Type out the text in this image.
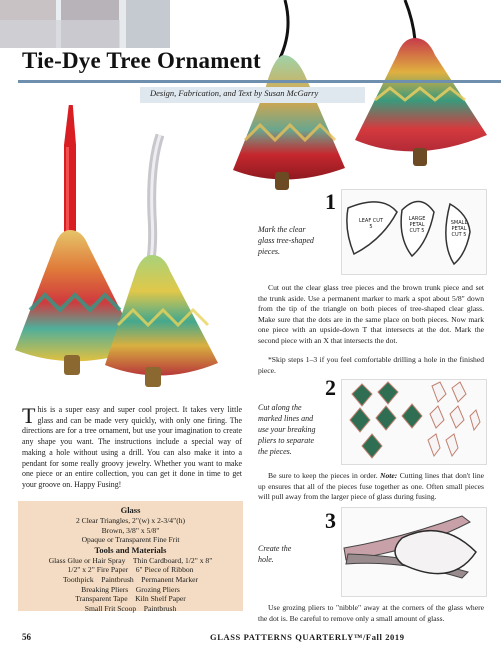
Tie-Dye Tree Ornament
Design, Fabrication, and Text by Susan McGarry
1
Mark the clear glass tree-shaped pieces.
LEAF CUT 5
LARGE PETAL CUT 5
SMALL PETAL CUT 5
Cut out the clear glass tree pieces and the brown trunk piece and set the trunk aside. Use a permanent marker to mark a spot about 5/8" down from the tip of the triangle on both pieces of tree-shaped clear glass. Make sure that the dots are in the same place on both pieces. Now mark one piece with an upside-down T that intersects at the dot. Mark the second piece with an X that intersects the dot.
*Skip steps 1–3 if you feel comfortable drilling a hole in the finished piece.
2
Cut along the marked lines and use your breaking pliers to separate the pieces.
Be sure to keep the pieces in order. Note: Cutting lines that don't line up ensures that all of the pieces fuse together as one. Often small pieces will pull away from the larger piece of glass during fusing.
3
Create the hole.
Use grozing pliers to "nibble" away at the corners of the glass where the dot is. Be careful to remove only a small amount of glass.
This is a super easy and super cool project. It takes very little glass and can be made very quickly, with only one firing. The directions are for a tree ornament, but use your imagination to create any shape you want. The instructions include a special way of making a hole without using a drill. You can also make it into a pendant for some really groovy jewelry. Whether you want to make one piece or an entire collection, you can get it done in time to get your groove on. Happy Fusing!
Glass
2 Clear Triangles, 2"(w) x 2-3/4"(h)
Brown, 3/8" x 5/8"
Opaque or Transparent Fine Frit
Tools and Materials
Glass Glue or Hair Spray    Thin Cardboard, 1/2" x 8"
1/2" x 2" Fire Paper    6" Piece of Ribbon
Toothpick    Paintbrush    Permanent Marker
Breaking Pliers    Grozing Pliers
Transparent Tape    Kiln Shelf Paper
Small Frit Scoop    Paintbrush
56	GLASS PATTERNS QUARTERLY™/Fall 2019
